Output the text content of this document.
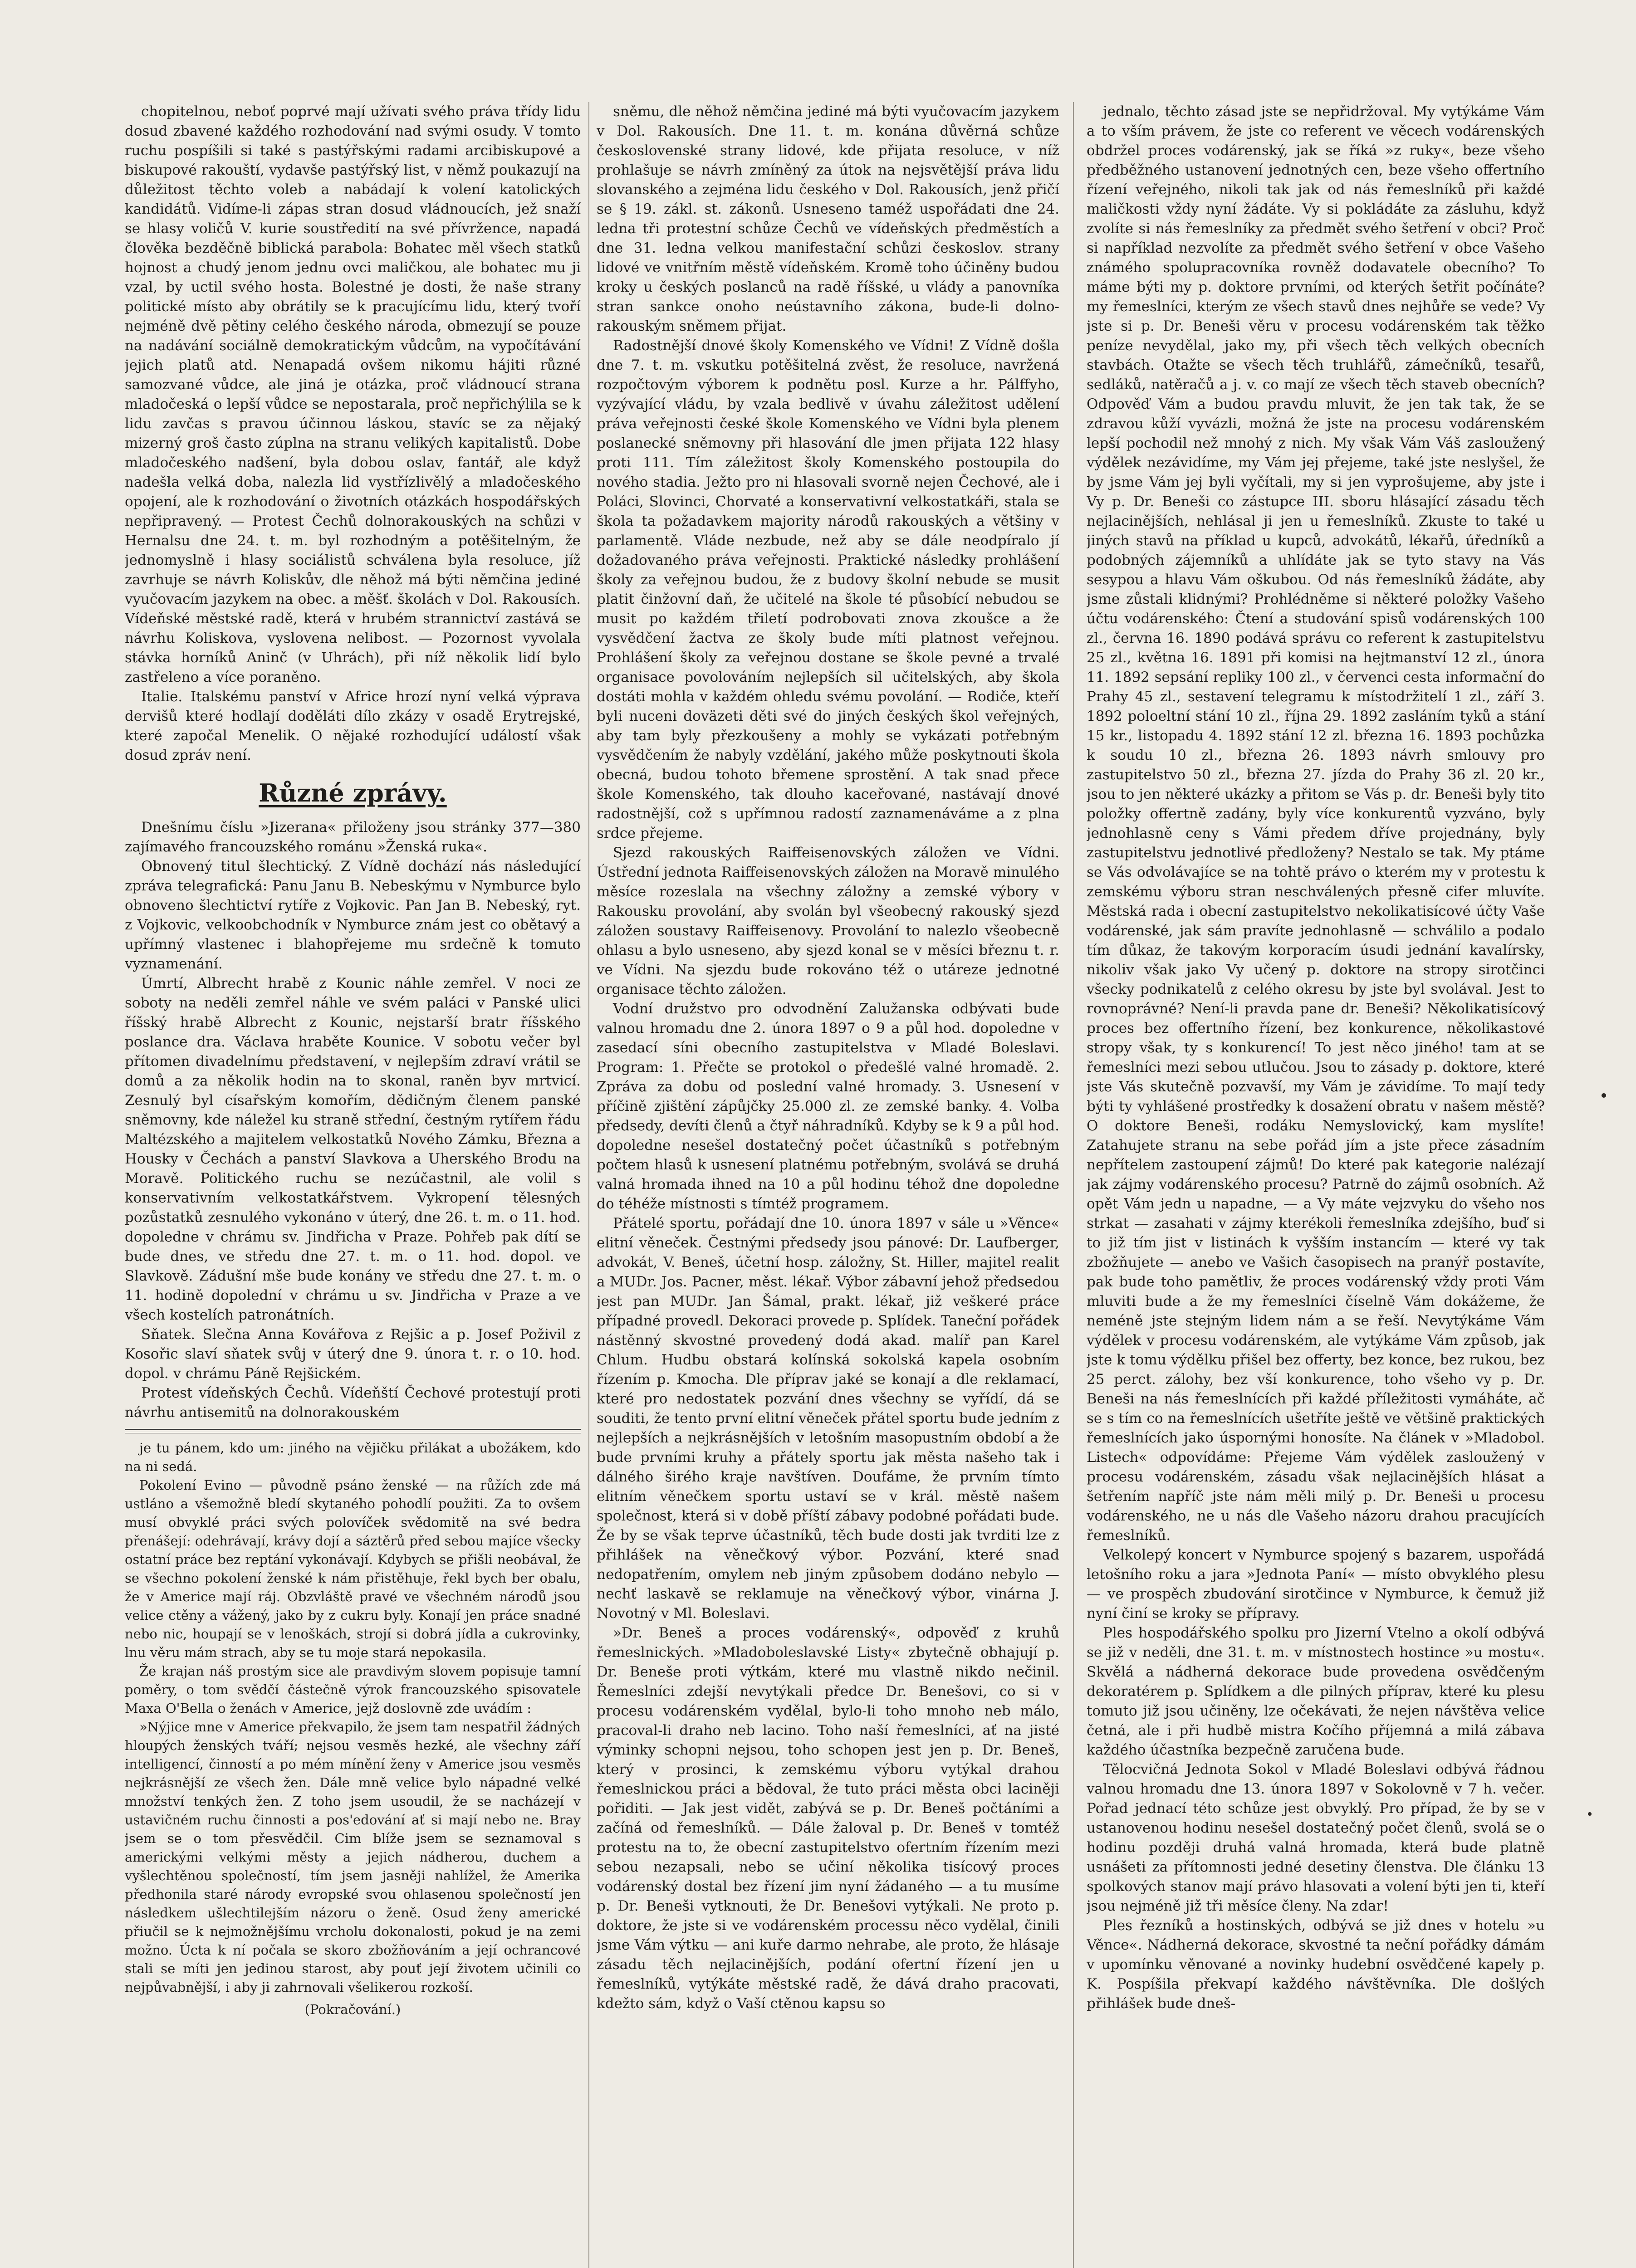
chopitelnou, neboť poprvé mají užívati svého práva třídy lidu dosud zbavené každého rozhodování nad svými osudy. V tomto ruchu pospíšili si také s pastýřskými radami arcibiskupové a biskupové rakouští, vydavše pastýřský list, v němž poukazují na důležitost těchto voleb a nabádají k volení katolických kandidátů. Vidíme-li zápas stran dosud vládnoucích, jež snaží se hlasy voličů V. kurie soustředití na své přívržence, napadá člověka bezděčně biblická parabola: Bohatec měl všech statků hojnost a chudý jenom jednu ovci maličkou, ale bohatec mu ji vzal, by uctil svého hosta. Bolestné je dosti, že naše strany politické místo aby obrátily se k pracujícímu lidu, který tvoří nejméně dvě pětiny celého českého národa, obmezují se pouze na nadávání sociálně demokratickým vůdcům, na vypočítávání jejich platů atd. Nenapadá ovšem nikomu hájiti různé samozvané vůdce, ale jiná je otázka, proč vládnoucí strana mladočeská o lepší vůdce se nepostarala, proč nepřichýlila se k lidu zavčas s pravou účinnou láskou, stavíc se za nějaký mizerný groš často zúplna na stranu velikých kapitalistů. Dobe mladočeského nadšení, byla dobou oslav, fantář, ale když nadešla velká doba, nalezla lid vystřízlivělý a mladočeského opojení, ale k rozhodování o životních otázkách hospodářských nepřipravený. — Protest Čechů dolnorakouských na schůzi v Hernalsu dne 24. t. m. byl rozhodným a potěšitelným, že jednomyslně i hlasy sociálistů schválena byla resoluce, jíž zavrhuje se návrh Koliskův, dle něhož má býti němčina jediné vyučovacím jazykem na obec. a měšť. školách v Dol. Rakousích. Vídeňské městské radě, která v hrubém strannictví zastává se návrhu Koliskova, vyslovena nelibost. — Pozornost vyvolala stávka horníků Aninč (v Uhrách), při níž několik lidí bylo zastřeleno a více poraněno.

Italie. Italskému panství v Africe hrozí nyní velká výprava dervišů které hodlají doděláti dílo zkázy v osadě Erytrejské, které započal Menelik. O nějaké rozhodující událostí však dosud zpráv není.

Různé zprávy.

Dnešnímu číslu »Jizerana« přiloženy jsou stránky 377—380 zajímavého francouzského románu »Ženská ruka«.

Obnovený titul šlechtický. Z Vídně dochází nás následující zpráva telegrafická: Panu Janu B. Nebeskýmu v Nymburce bylo obnoveno šlechtictví rytíře z Vojkovic. Pan Jan B. Nebeský, ryt. z Vojkovic, velkoobchodník v Nymburce znám jest co obětavý a upřímný vlastenec i blahopřejeme mu srdečně k tomuto vyznamenání.

Úmrtí, Albrecht hrabě z Kounic náhle zemřel. V noci ze soboty na neděli zemřel náhle ve svém paláci v Panské ulici říšský hrabě Albrecht z Kounic, nejstarší bratr říšského poslance dra. Václava hraběte Kounice. V sobotu večer byl přítomen divadelnímu představení, v nejlepším zdraví vrátil se domů a za několik hodin na to skonal, raněn byv mrtvicí. Zesnulý byl císařským komořím, dědičným členem panské sněmovny, kde náležel ku straně střední, čestným rytířem řádu Maltézského a majitelem velkostatků Nového Zámku, Března a Housky v Čechách a panství Slavkova a Uherského Brodu na Moravě. Politického ruchu se nezúčastnil, ale volil s konservativním velkostatkářstvem. Vykropení tělesných pozůstatků zesnulého vykonáno v úterý, dne 26. t. m. o 11. hod. dopoledne v chrámu sv. Jindřicha v Praze. Pohřeb pak dítí se bude dnes, ve středu dne 27. t. m. o 11. hod. dopol. ve Slavkově. Zádušní mše bude konány ve středu dne 27. t. m. o 11. hodině dopolední v chrámu u sv. Jindřicha v Praze a ve všech kostelích patronátních.

Sňatek. Slečna Anna Kovářova z Rejšic a p. Josef Poživil z Kosořic slaví sňatek svůj v úterý dne 9. února t. r. o 10. hod. dopol. v chrámu Páně Rejšickém.

Protest vídeňských Čechů. Vídeňští Čechové protestují proti návrhu antisemitů na dolnorakouském

je tu pánem, kdo um: jiného na vějičku přilákat a ubožákem, kdo na ni sedá.

Pokolení Evino — původně psáno ženské — na růžích zde má ustláno a všemožně bledí skytaného pohodlí použiti. Za to ovšem musí obvyklé práci svých polovíček svědomitě na své bedra přenášejí: odehrávají, krávy dojí a sáztěrů před sebou majíce všecky ostatní práce bez reptání vykonávají. Kdybych se přišli neobával, že se všechno pokolení ženské k nám přistěhuje, řekl bych ber obalu, že v Americe mají ráj. Obzvláště pravé ve všechném národů jsou velice ctěny a vážený, jako by z cukru byly. Konají jen práce snadné nebo nic, houpají se v lenoškách, strojí si dobrá jídla a cukrovinky, lnu věru mám strach, aby se tu moje stará nepokasila.

Že krajan náš prostým sice ale pravdivým slovem popisuje tamní poměry, o tom svědčí částečně výrok francouzského spisovatele Maxa O'Bella o ženách v Americe, jejž doslovně zde uvádím :

»Nýjice mne v Americe překvapilo, že jsem tam nespatřil žádných hloupých ženských tváří; nejsou vesměs hezké, ale všechny září intelligencí, činností a po mém mínění ženy v Americe jsou vesměs nejkrásnější ze všech žen. Dále mně velice bylo nápadné velké množství tenkých žen. Z toho jsem usoudil, že se nacházejí v ustavičném ruchu činnosti a pos'edování ať si mají nebo ne. Bray jsem se o tom přesvědčil. Cim blíže jsem se seznamoval s americkými velkými městy a jejich nádherou, duchem a vyšlechtěnou společností, tím jsem jasněji nahlížel, že Amerika předhonila staré národy evropské svou ohlasenou společností jen následkem ušlechtilejším názoru o ženě. Osud ženy americké přiučil se k nejmožnějšímu vrcholu dokonalosti, pokud je na zemi možno. Úcta k ní počala se skoro zbožňováním a její ochrancové stali se míti jen jedinou starost, aby pouť její životem učinili co nejpůvabnější, i aby ji zahrnovali všelikerou rozkoší.

(Pokračování.)

sněmu, dle něhož němčina jediné má býti vyučovacím jazykem v Dol. Rakousích. Dne 11. t. m. konána důvěrná schůze československé strany lidové, kde přijata resoluce, v níž prohlašuje se návrh zmíněný za útok na nejsvětější práva lidu slovanského a zejména lidu českého v Dol. Rakousích, jenž přičí se § 19. zákl. st. zákonů. Usneseno taméž uspořádati dne 24. ledna tři protestní schůze Čechů ve vídeňských předměstích a dne 31. ledna velkou manifestační schůzi českoslov. strany lidové ve vnitřním městě vídeňském. Kromě toho účiněny budou kroky u českých poslanců na radě říšské, u vlády a panovníka stran sankce onoho neústavního zákona, bude-li dolno-rakouským sněmem přijat.

Radostnější dnové školy Komenského ve Vídni! Z Vídně došla dne 7. t. m. vskutku potěšitelná zvěst, že resoluce, navržená rozpočtovým výborem k podnětu posl. Kurze a hr. Pálffyho, vyzývající vládu, by vzala bedlivě v úvahu záležitost udělení práva veřejnosti české škole Komenského ve Vídni byla plenem poslanecké sněmovny při hlasování dle jmen přijata 122 hlasy proti 111. Tím záležitost školy Komenského postoupila do nového stadia. Ježto pro ni hlasovali svorně nejen Čechové, ale i Poláci, Slovinci, Chorvaté a konservativní velkostatkáři, stala se škola ta požadavkem majority národů rakouských a většiny v parlamentě. Vláde nezbude, než aby se dále neodpíralo jí dožadovaného práva veřejnosti. Praktické následky prohlášení školy za veřejnou budou, že z budovy školní nebude se musit platit činžovní daň, že učitelé na škole té působící nebudou se musit po každém třiletí podrobovati znova zkoušce a že vysvědčení žactva ze školy bude míti platnost veřejnou. Prohlášení školy za veřejnou dostane se škole pevné a trvalé organisace povolováním nejlepších sil učitelských, aby škola dostáti mohla v každém ohledu svému povolání. — Rodiče, kteří byli nuceni doväzeti děti své do jiných českých škol veřejných, aby tam byly přezkoušeny a mohly se vykázati potřebným vysvědčením že nabyly vzdělání, jakého může poskytnouti škola obecná, budou tohoto břemene sprostění. A tak snad přece škole Komenského, tak dlouho kaceřované, nastávají dnové radostnější, což s upřímnou radostí zaznamenáváme a z plna srdce přejeme.

Sjezd rakouských Raiffeisenovských záložen ve Vídni. Ústřední jednota Raiffeisenovských záložen na Moravě minulého měsíce rozeslala na všechny záložny a zemské výbory v Rakousku provolání, aby svolán byl všeobecný rakouský sjezd záložen soustavy Raiffeisenovy. Provolání to nalezlo všeobecně ohlasu a bylo usneseno, aby sjezd konal se v měsíci březnu t. r. ve Vídni. Na sjezdu bude rokováno též o utáreze jednotné organisace těchto záložen.

Vodní družstvo pro odvodnění Zalužanska odbývati bude valnou hromadu dne 2. února 1897 o 9 a půl hod. dopoledne v zasedací síni obecního zastupitelstva v Mladé Boleslavi. Program: 1. Přečte se protokol o předešlé valné hromadě. 2. Zpráva za dobu od poslední valné hromady. 3. Usnesení v příčině zjištění zápůjčky 25.000 zl. ze zemské banky. 4. Volba předsedy, devíti členů a čtyř náhradníků. Kdyby se k 9 a půl hod. dopoledne nesešel dostatečný počet účastníků s potřebným počtem hlasů k usnesení platnému potřebným, svolává se druhá valná hromada ihned na 10 a půl hodinu téhož dne dopoledne do téhéže místnosti s tímtéž programem.

Přátelé sportu, pořádají dne 10. února 1897 v sále u »Věnce« elitní věneček. Čestnými předsedy jsou pánové: Dr. Laufberger, advokát, V. Beneš, účetní hosp. záložny, St. Hiller, majitel realit a MUDr. Jos. Pacner, měst. lékař. Výbor zábavní jehož předsedou jest pan MUDr. Jan Šámal, prakt. lékař, již veškeré práce případné provedl. Dekoraci provede p. Splídek. Taneční pořádek nástěnný skvostné provedený dodá akad. malíř pan Karel Chlum. Hudbu obstará kolínská sokolská kapela osobním řízením p. Kmocha. Dle příprav jaké se konají a dle reklamací, které pro nedostatek pozvání dnes všechny se vyřídí, dá se souditi, že tento první elitní věneček přátel sportu bude jedním z nejlepších a nejkrásnějších v letošním masopustním období a že bude prvními kruhy a přátely sportu jak města našeho tak i dálného širého kraje navštíven. Doufáme, že prvním tímto elitním věnečkem sportu ustaví se v král. městě našem společnost, která si v době příští zábavy podobné pořádati bude. Že by se však teprve účastníků, těch bude dosti jak tvrditi lze z přihlášek na věnečkový výbor. Pozvání, které snad nedopatřením, omylem neb jiným způsobem dodáno nebylo — nechť laskavě se reklamuje na věnečkový výbor, vinárna J. Novotný v Ml. Boleslavi.

»Dr. Beneš a proces vodárenský«, odpověď z kruhů řemeslnických. »Mladoboleslavské Listy« zbytečně obhajují p. Dr. Beneše proti výtkám, které mu vlastně nikdo nečinil. Řemeslníci zdejší nevytýkali předce Dr. Benešovi, co si v procesu vodárenském vydělal, bylo-li toho mnoho neb málo, pracoval-li draho neb lacino. Toho naší řemeslníci, ať na jisté výminky schopni nejsou, toho schopen jest jen p. Dr. Beneš, který v prosinci, k zemskému výboru vytýkal drahou řemeslnickou práci a bědoval, že tuto práci města obci laciněji pořiditi. — Jak jest vidět, zabývá se p. Dr. Beneš počtáními a začíná od řemeslníků. — Dále žaloval p. Dr. Beneš v tomtéž protestu na to, že obecní zastupitelstvo ofertním řízením mezi sebou nezapsali, nebo se učiní několika tisícový proces vodárenský dostal bez řízení jim nyní žádaného — a tu musíme p. Dr. Beneši vytknouti, že Dr. Benešovi vytýkali. Ne proto p. doktore, že jste si ve vodárenském processu něco vydělal, činili jsme Vám výtku — ani kuře darmo nehrabe, ale proto, že hlásaje zásadu těch nejlacinějších, podání ofertní řízení jen u řemeslníků, vytýkáte městské radě, že dává draho pracovati, kdežto sám, když o Vaší ctěnou kapsu so

jednalo, těchto zásad jste se nepřidržoval. My vytýkáme Vám a to vším právem, že jste co referent ve věcech vodárenských obdržel proces vodárenský, jak se říká »z ruky«, beze všeho předběžného ustanovení jednotných cen, beze všeho offertního řízení veřejného, nikoli tak jak od nás řemeslníků při každé maličkosti vždy nyní žádáte. Vy si pokládáte za zásluhu, když zvolíte si nás řemeslníky za předmět svého šetření v obci? Proč si například nezvolíte za předmět svého šetření v obce Vašeho známého spolupracovníka rovněž dodavatele obecního? To máme býti my p. doktore prvními, od kterých šetřit počínáte? my řemeslníci, kterým ze všech stavů dnes nejhůře se vede? Vy jste si p. Dr. Beneši věru v procesu vodárenském tak těžko peníze nevydělal, jako my, při všech těch velkých obecních stavbách. Otažte se všech těch truhlářů, zámečníků, tesařů, sedláků, natěračů a j. v. co mají ze všech těch staveb obecních? Odpověď Vám a budou pravdu mluvit, že jen tak tak, že se zdravou kůží vyvázli, možná že jste na procesu vodárenském lepší pochodil než mnohý z nich. My však Vám Váš zasloužený výdělek nezávidíme, my Vám jej přejeme, také jste neslyšel, že by jsme Vám jej byli vyčítali, my si jen vyprošujeme, aby jste i Vy p. Dr. Beneši co zástupce III. sboru hlásající zásadu těch nejlacinějších, nehlásal ji jen u řemeslníků. Zkuste to také u jiných stavů na příklad u kupců, advokátů, lékařů, úředníků a podobných zájemníků a uhlídáte jak se tyto stavy na Vás sesypou a hlavu Vám oškubou. Od nás řemeslníků žádáte, aby jsme zůstali klidnými? Prohlédněme si některé položky Vašeho účtu vodárenského: Čtení a studování spisů vodárenských 100 zl., června 16. 1890 podává správu co referent k zastupitelstvu 25 zl., května 16. 1891 při komisi na hejtmanství 12 zl., února 11. 1892 sepsání repliky 100 zl., v červenci cesta informační do Prahy 45 zl., sestavení telegramu k místodržitelí 1 zl., září 3. 1892 poloeltní stání 10 zl., října 29. 1892 zasláním tyků a stání 15 kr., listopadu 4. 1892 stání 12 zl. března 16. 1893 pochůzka k soudu 10 zl., března 26. 1893 návrh smlouvy pro zastupitelstvo 50 zl., března 27. jízda do Prahy 36 zl. 20 kr., jsou to jen některé ukázky a přitom se Vás p. dr. Beneši byly tito položky offertně zadány, byly více konkurentů vyzváno, byly jednohlasně ceny s Vámi předem dříve projednány, byly zastupitelstvu jednotlivé předloženy? Nestalo se tak. My ptáme se Vás odvolávajíce se na tohtě právo o kterém my v protestu k zemskému výboru stran neschválených přesně cifer mluvíte. Městská rada i obecní zastupitelstvo nekolikatisícové účty Vaše vodárenské, jak sám pravíte jednohlasně — schválilo a podalo tím důkaz, že takovým korporacím úsudi jednání kavalírsky, nikoliv však jako Vy učený p. doktore na stropy sirotčinci všecky podnikatelů z celého okresu by jste byl svolával. Jest to rovnoprávné? Není-li pravda pane dr. Beneši? Několikatisícový proces bez offertního řízení, bez konkurence, několikastové stropy však, ty s konkurencí! To jest něco jiného! tam at se řemeslníci mezi sebou utlučou. Jsou to zásady p. doktore, které jste Vás skutečně pozvavší, my Vám je závidíme. To mají tedy býti ty vyhlášené prostředky k dosažení obratu v našem městě? O doktore Beneši, rodáku Nemyslovický, kam myslíte! Zatahujete stranu na sebe pořád jím a jste přece zásadním nepřítelem zastoupení zájmů! Do které pak kategorie nalézají jak zájmy vodárenského procesu? Patrně do zájmů osobních. Až opět Vám jedn u napadne, — a Vy máte vejzvyku do všeho nos strkat — zasahati v zájmy kterékoli řemeslníka zdejšího, buď si to již tím jist v listinách k vyšším instancím — které vy tak zbožňujete — anebo ve Vašich časopisech na pranýř postavíte, pak bude toho pamětliv, že proces vodárenský vždy proti Vám mluviti bude a že my řemeslníci číselně Vám dokážeme, že neméně jste stejným lidem nám a se řeší. Nevytýkáme Vám výdělek v procesu vodárenském, ale vytýkáme Vám způsob, jak jste k tomu výdělku přišel bez offerty, bez konce, bez rukou, bez 25 perct. zálohy, bez vší konkurence, toho všeho vy p. Dr. Beneši na nás řemeslnících při každé příležitosti vymáháte, ač se s tím co na řemeslnících ušetříte ještě ve většině praktických řemeslnících jako úspornými honosíte. Na článek v »Mladobol. Listech« odpovídáme: Přejeme Vám výdělek zasloužený v procesu vodárenském, zásadu však nejlacinějších hlásat a šetřením napříč jste nám měli milý p. Dr. Beneši u procesu vodárenského, ne u nás dle Vašeho názoru drahou pracujících řemeslníků.

Velkolepý koncert v Nymburce spojený s bazarem, uspořádá letošního roku a jara »Jednota Paní« — místo obvyklého plesu — ve prospěch zbudování sirotčince v Nymburce, k čemuž již nyní činí se kroky se přípravy.

Ples hospodářského spolku pro Jizerní Vtelno a okolí odbývá se již v neděli, dne 31. t. m. v místnostech hostince »u mostu«. Skvělá a nádherná dekorace bude provedena osvědčeným dekoratérem p. Splídkem a dle pilných příprav, které ku plesu tomuto již jsou učiněny, lze očekávati, že nejen návštěva velice četná, ale i při hudbě mistra Kočího příjemná a milá zábava každého účastníka bezpečně zaručena bude.

Tělocvičná Jednota Sokol v Mladé Boleslavi odbývá řádnou valnou hromadu dne 13. února 1897 v Sokolovně v 7 h. večer. Pořad jednací této schůze jest obvyklý. Pro případ, že by se v ustanovenou hodinu nesešel dostatečný počet členů, svolá se o hodinu později druhá valná hromada, která bude platně usnášeti za přítomnosti jedné desetiny členstva. Dle článku 13 spolkových stanov mají právo hlasovati a volení býti jen ti, kteří jsou nejméně již tři měsíce členy. Na zdar!

Ples řezníků a hostinských, odbývá se již dnes v hotelu »u Věnce«. Nádherná dekorace, skvostné ta neční pořádky dámám v upomínku věnované a novinky hudební osvědčené kapely p. K. Pospíšila překvapí každého návštěvníka. Dle došlých přihlášek bude dneš-
